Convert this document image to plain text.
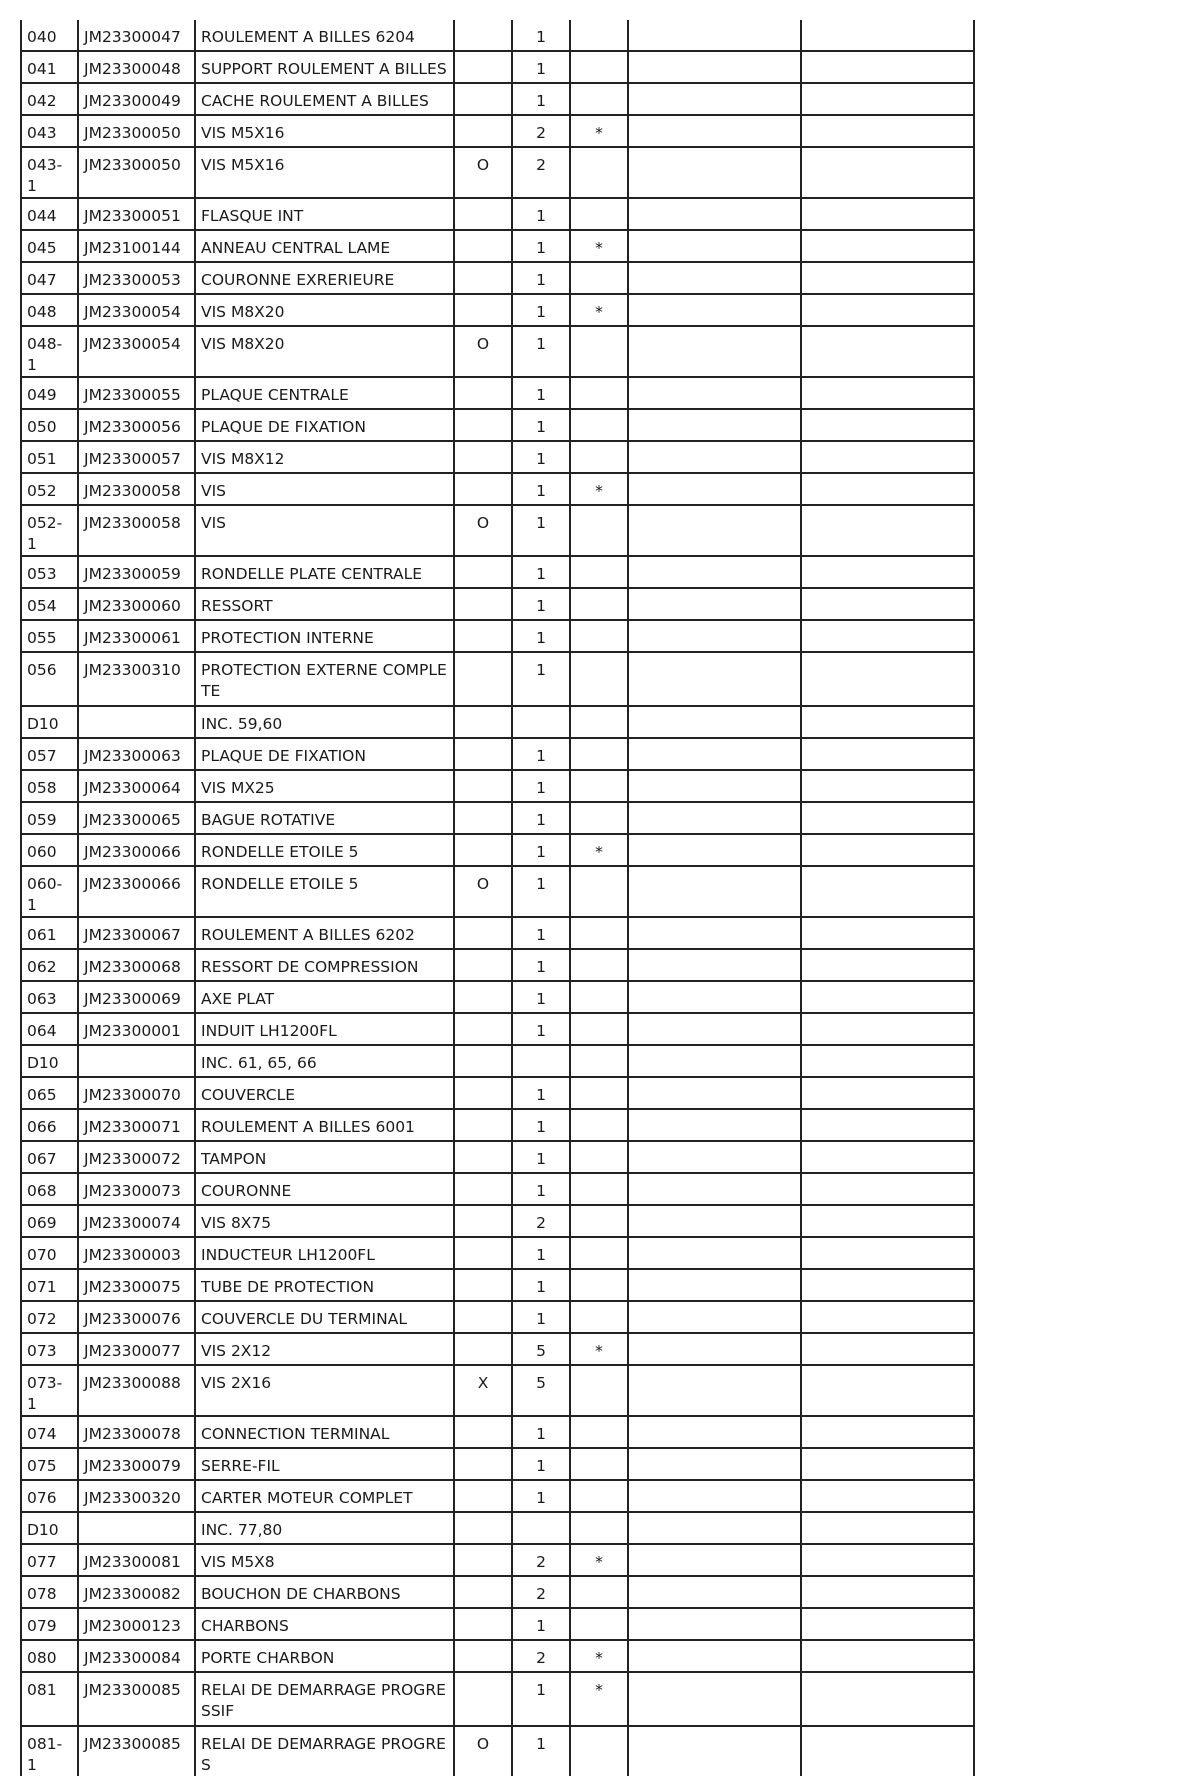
040	JM23300047	ROULEMENT A BILLES 6204		1			
041	JM23300048	SUPPORT ROULEMENT A BILLES		1			
042	JM23300049	CACHE ROULEMENT A BILLES		1			
043	JM23300050	VIS M5X16		2	*		
043-1	JM23300050	VIS M5X16	O	2			
044	JM23300051	FLASQUE INT		1			
045	JM23100144	ANNEAU CENTRAL LAME		1	*		
047	JM23300053	COURONNE EXRERIEURE		1			
048	JM23300054	VIS M8X20		1	*		
048-1	JM23300054	VIS M8X20	O	1			
049	JM23300055	PLAQUE CENTRALE		1			
050	JM23300056	PLAQUE DE FIXATION		1			
051	JM23300057	VIS M8X12		1			
052	JM23300058	VIS		1	*		
052-1	JM23300058	VIS	O	1			
053	JM23300059	RONDELLE PLATE CENTRALE		1			
054	JM23300060	RESSORT		1			
055	JM23300061	PROTECTION INTERNE		1			
056	JM23300310	PROTECTION EXTERNE COMPLETE		1			
D10		INC. 59,60					
057	JM23300063	PLAQUE DE FIXATION		1			
058	JM23300064	VIS MX25		1			
059	JM23300065	BAGUE ROTATIVE		1			
060	JM23300066	RONDELLE ETOILE 5		1	*		
060-1	JM23300066	RONDELLE ETOILE 5	O	1			
061	JM23300067	ROULEMENT A BILLES 6202		1			
062	JM23300068	RESSORT DE COMPRESSION		1			
063	JM23300069	AXE PLAT		1			
064	JM23300001	INDUIT LH1200FL		1			
D10		INC. 61, 65, 66					
065	JM23300070	COUVERCLE		1			
066	JM23300071	ROULEMENT A BILLES 6001		1			
067	JM23300072	TAMPON		1			
068	JM23300073	COURONNE		1			
069	JM23300074	VIS 8X75		2			
070	JM23300003	INDUCTEUR LH1200FL		1			
071	JM23300075	TUBE DE PROTECTION		1			
072	JM23300076	COUVERCLE DU TERMINAL		1			
073	JM23300077	VIS 2X12		5	*		
073-1	JM23300088	VIS 2X16	X	5			
074	JM23300078	CONNECTION TERMINAL		1			
075	JM23300079	SERRE-FIL		1			
076	JM23300320	CARTER MOTEUR COMPLET		1			
D10		INC. 77,80					
077	JM23300081	VIS M5X8		2	*		
078	JM23300082	BOUCHON DE CHARBONS		2			
079	JM23000123	CHARBONS		1			
080	JM23300084	PORTE CHARBON		2	*		
081	JM23300085	RELAI DE DEMARRAGE PROGRESSIF		1	*		
081-1	JM23300085	RELAI DE DEMARRAGE PROGRES	O	1			
